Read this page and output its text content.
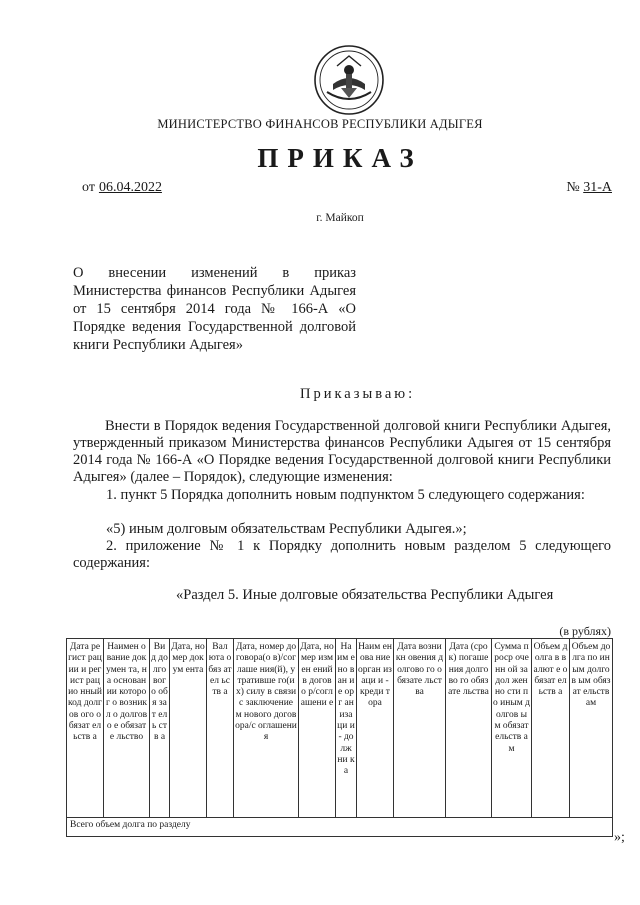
МИНИСТЕРСТВО ФИНАНСОВ РЕСПУБЛИКИ АДЫГЕЯ
ПРИКАЗ
от 06.04.2022	№ 31-А
г. Майкоп
О внесении изменений в приказ Министерства финансов Республики Адыгея от 15 сентября 2014 года № 166-А «О Порядке ведения Государственной долговой книги Республики Адыгея»
Приказываю:
Внести в Порядок ведения Государственной долговой книги Республики Адыгея, утвержденный приказом Министерства финансов Республики Адыгея от 15 сентября 2014 года № 166-А «О Порядке ведения Государственной долговой книги Республики Адыгея» (далее – Порядок), следующие изменения:
1. пункт 5 Порядка дополнить новым подпунктом 5 следующего содержания:
«5) иным долговым обязательствам Республики Адыгея.»;
2. приложение № 1 к Порядку дополнить новым разделом 5 следующего содержания:
«Раздел 5. Иные долговые обязательства Республики Адыгея
(в рублях)
Дата регист рации и регист рацио нный код долгов ого обязат ельств а	Наимен ование докумен та, на основан ии которог о возникл о долгово е обязате льство	Ви д до лго вог о обя зат ель ств а	Дата, номер докум ента	Вал юта обяз ател ьств а	Дата, номер договора(о в)/соглаше ния(й), утративше го(их) силу в связи с заключение м нового договора/с оглашения	Дата, номер измен ений в догово р/согл ашени е	На им ено ван ие орг ан иза ци и - до лж ни ка	Наим енова ние орган изаци и - креди тора	Дата возникн овения долгово го обязате льства	Дата (срок) погаше ния долгово го обязате льства	Сумма проср оченн ой задол женно сти по иным долгов ым обязат ельств ам	Объем долга в валют е обязат ельств а	Объем долга по иным долгов ым обязат ельств ам
Всего объем долга по разделу
»;
